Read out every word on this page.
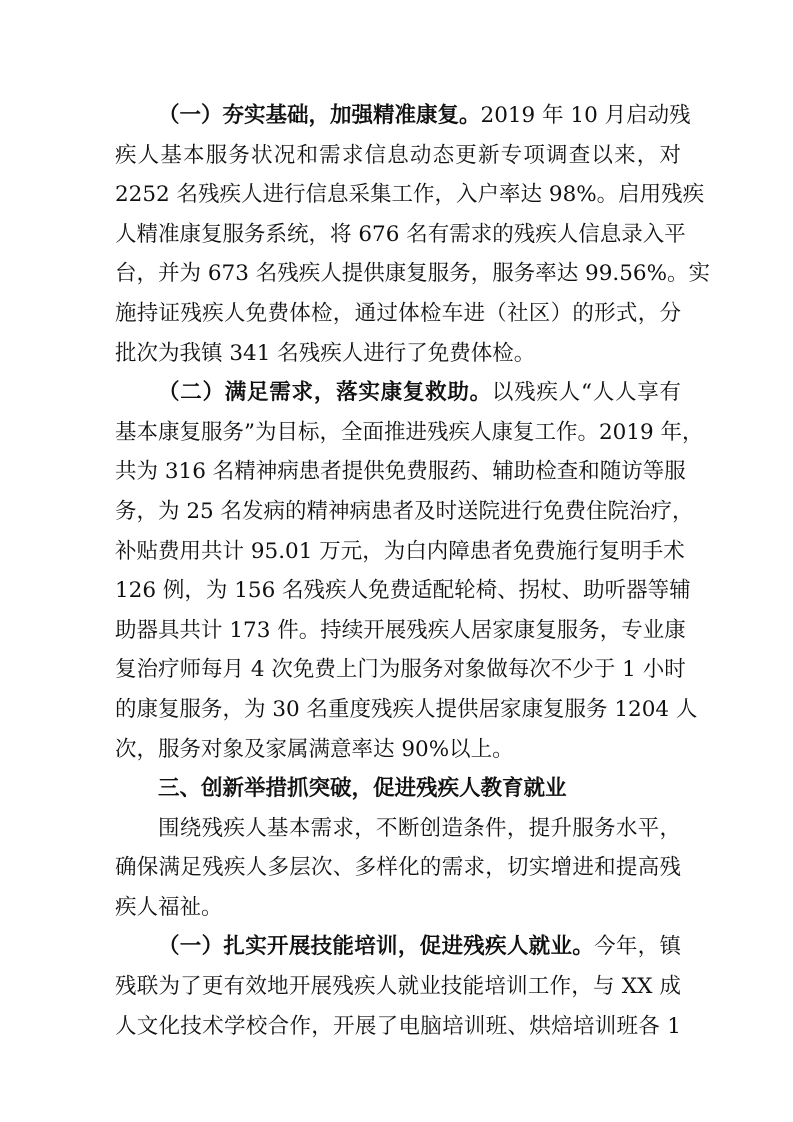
（一）夯实基础，加强精准康复。2019 年 10 月启动残
疾人基本服务状况和需求信息动态更新专项调查以来，对
2252 名残疾人进行信息采集工作，入户率达 98%。启用残疾
人精准康复服务系统，将 676 名有需求的残疾人信息录入平
台，并为 673 名残疾人提供康复服务，服务率达 99.56%。实
施持证残疾人免费体检，通过体检车进（社区）的形式，分
批次为我镇 341 名残疾人进行了免费体检。
（二）满足需求，落实康复救助。以残疾人“人人享有
基本康复服务”为目标，全面推进残疾人康复工作。2019 年，
共为 316 名精神病患者提供免费服药、辅助检查和随访等服
务，为 25 名发病的精神病患者及时送院进行免费住院治疗，
补贴费用共计 95.01 万元，为白内障患者免费施行复明手术
126 例，为 156 名残疾人免费适配轮椅、拐杖、助听器等辅
助器具共计 173 件。持续开展残疾人居家康复服务，专业康
复治疗师每月 4 次免费上门为服务对象做每次不少于 1 小时
的康复服务，为 30 名重度残疾人提供居家康复服务 1204 人
次，服务对象及家属满意率达 90%以上。
三、创新举措抓突破，促进残疾人教育就业
围绕残疾人基本需求，不断创造条件，提升服务水平，
确保满足残疾人多层次、多样化的需求，切实增进和提高残
疾人福祉。
（一）扎实开展技能培训，促进残疾人就业。今年，镇
残联为了更有效地开展残疾人就业技能培训工作，与 XX 成
人文化技术学校合作，开展了电脑培训班、烘焙培训班各 1
